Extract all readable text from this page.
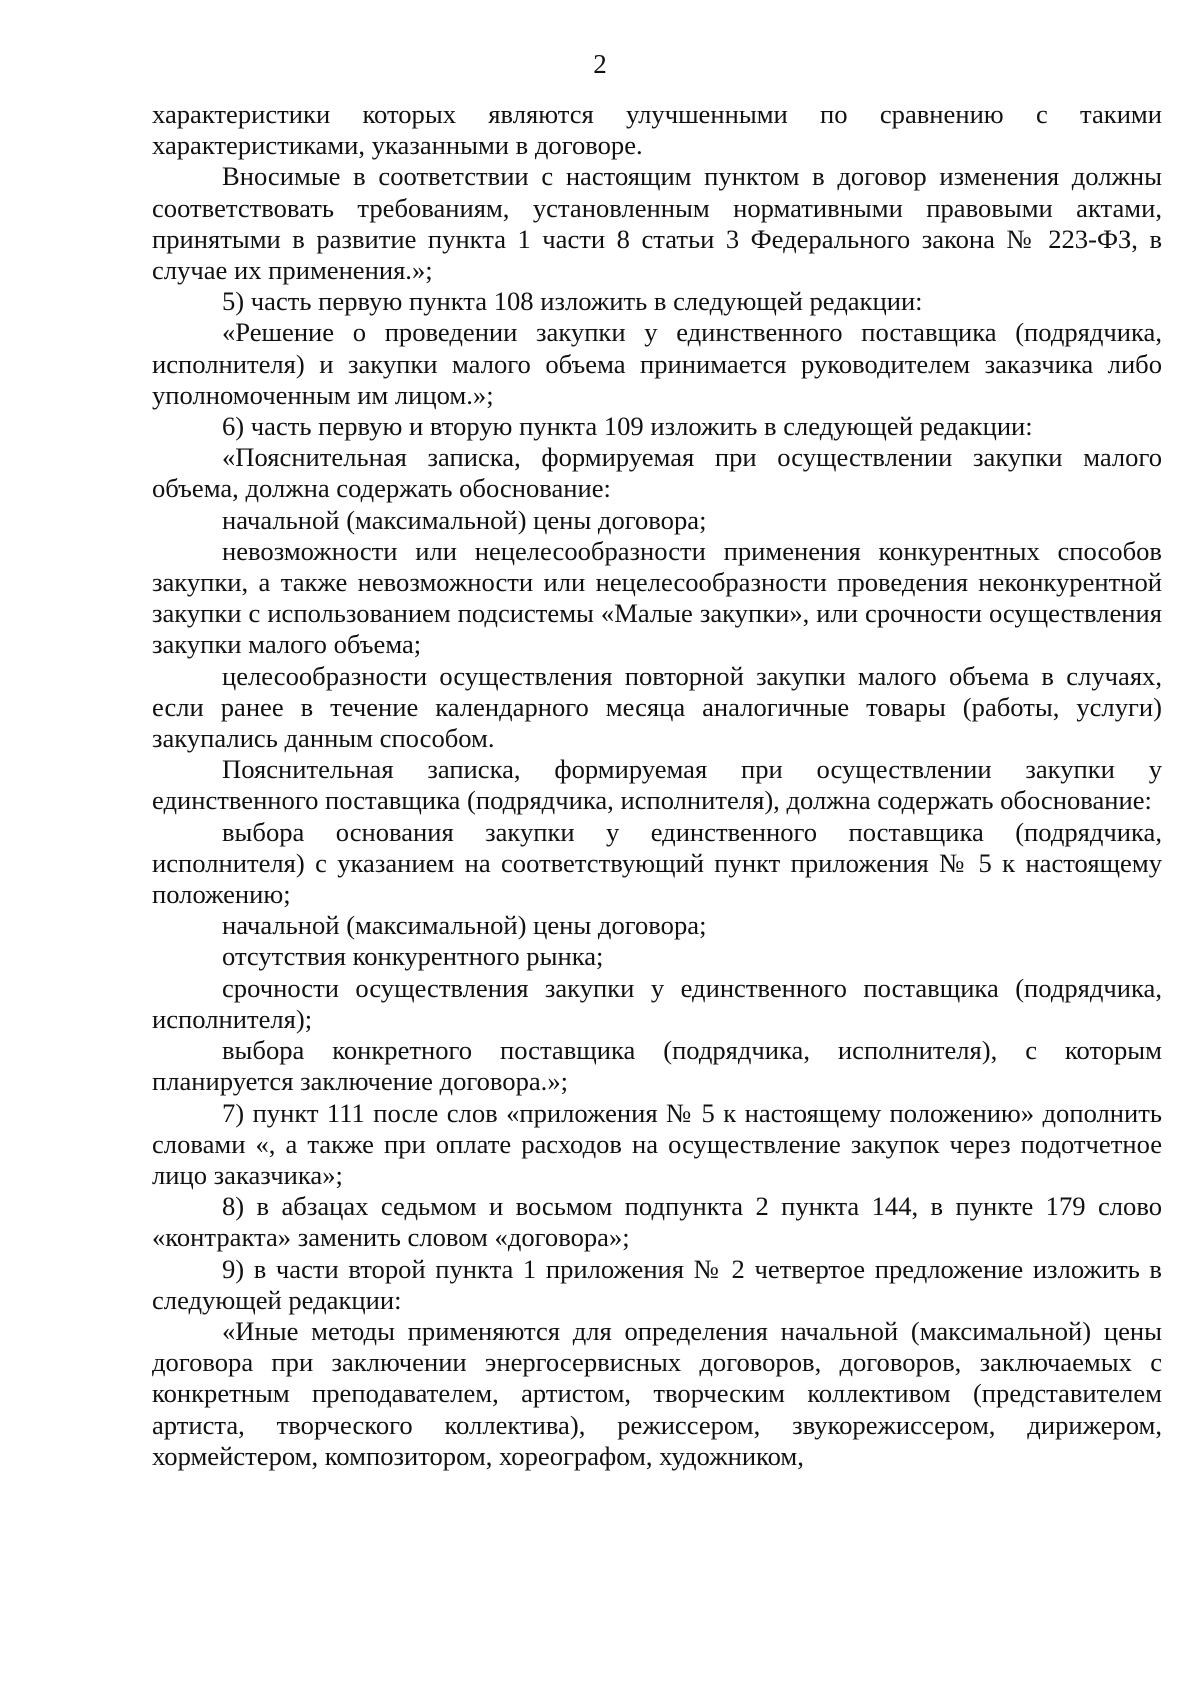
2

характеристики которых являются улучшенными по сравнению с такими характеристиками, указанными в договоре.

Вносимые в соответствии с настоящим пунктом в договор изменения должны соответствовать требованиям, установленным нормативными правовыми актами, принятыми в развитие пункта 1 части 8 статьи 3 Федерального закона № 223-ФЗ, в случае их применения.»;

5) часть первую пункта 108 изложить в следующей редакции:

«Решение о проведении закупки у единственного поставщика (подрядчика, исполнителя) и закупки малого объема принимается руководителем заказчика либо уполномоченным им лицом.»;

6) часть первую и вторую пункта 109 изложить в следующей редакции:

«Пояснительная записка, формируемая при осуществлении закупки малого объема, должна содержать обоснование:

начальной (максимальной) цены договора;

невозможности или нецелесообразности применения конкурентных способов закупки, а также невозможности или нецелесообразности проведения неконкурентной закупки с использованием подсистемы «Малые закупки», или срочности осуществления закупки малого объема;

целесообразности осуществления повторной закупки малого объема в случаях, если ранее в течение календарного месяца аналогичные товары (работы, услуги) закупались данным способом.

Пояснительная записка, формируемая при осуществлении закупки у единственного поставщика (подрядчика, исполнителя), должна содержать обоснование:

выбора основания закупки у единственного поставщика (подрядчика, исполнителя) с указанием на соответствующий пункт приложения № 5 к настоящему положению;

начальной (максимальной) цены договора;

отсутствия конкурентного рынка;

срочности осуществления закупки у единственного поставщика (подрядчика, исполнителя);

выбора конкретного поставщика (подрядчика, исполнителя), с которым планируется заключение договора.»;

7) пункт 111 после слов «приложения № 5 к настоящему положению» дополнить словами «, а также при оплате расходов на осуществление закупок через подотчетное лицо заказчика»;

8) в абзацах седьмом и восьмом подпункта 2 пункта 144, в пункте 179 слово «контракта» заменить словом «договора»;

9) в части второй пункта 1 приложения № 2 четвертое предложение изложить в следующей редакции:

«Иные методы применяются для определения начальной (максимальной) цены договора при заключении энергосервисных договоров, договоров, заключаемых с конкретным преподавателем, артистом, творческим коллективом (представителем артиста, творческого коллектива), режиссером, звукорежиссером, дирижером, хормейстером, композитором, хореографом, художником,
